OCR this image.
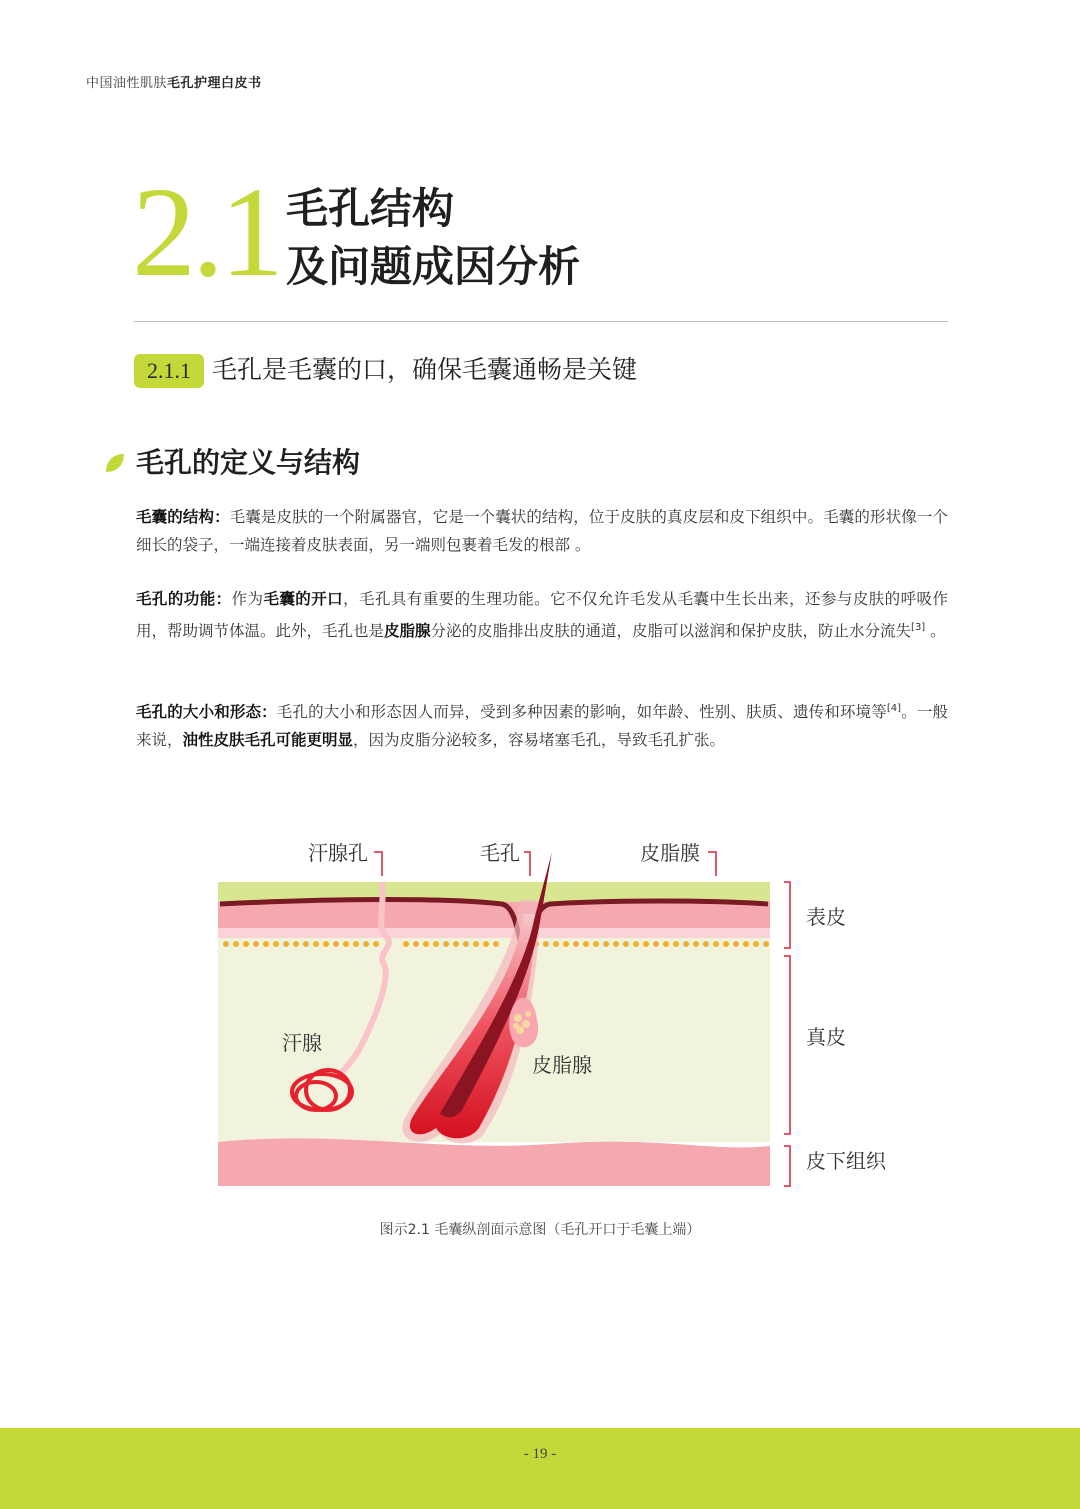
中国油性肌肤毛孔护理白皮书
2.1 毛孔结构
及问题成因分析
2.1.1 毛孔是毛囊的口，确保毛囊通畅是关键
毛孔的定义与结构
毛囊的结构：毛囊是皮肤的一个附属器官，它是一个囊状的结构，位于皮肤的真皮层和皮下组织中。毛囊的形状像一个细长的袋子，一端连接着皮肤表面，另一端则包裹着毛发的根部 。
毛孔的功能：作为毛囊的开口，毛孔具有重要的生理功能。它不仅允许毛发从毛囊中生长出来，还参与皮肤的呼吸作用，帮助调节体温。此外，毛孔也是皮脂腺分泌的皮脂排出皮肤的通道，皮脂可以滋润和保护皮肤，防止水分流失[3] 。
毛孔的大小和形态：毛孔的大小和形态因人而异，受到多种因素的影响，如年龄、性别、肤质、遗传和环境等[4]。一般来说，油性皮肤毛孔可能更明显，因为皮脂分泌较多，容易堵塞毛孔，导致毛孔扩张。
汗腺孔	毛孔	皮脂膜
表皮
真皮
皮下组织
汗腺
皮脂腺
图示2.1 毛囊纵剖面示意图（毛孔开口于毛囊上端）
- 19 -
